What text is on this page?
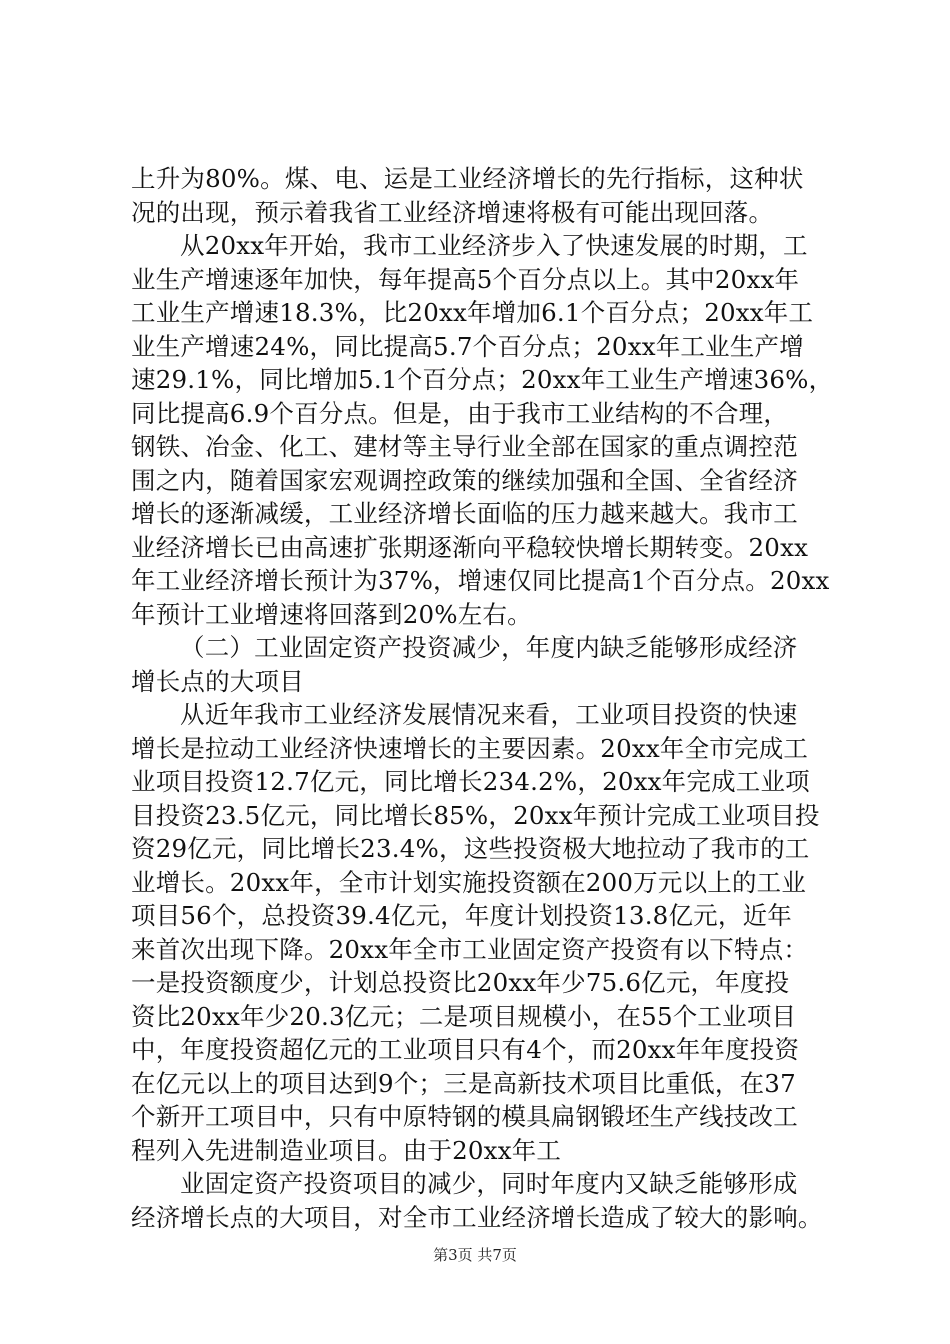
上升为80%。煤、电、运是工业经济增长的先行指标，这种状
况的出现，预示着我省工业经济增速将极有可能出现回落。
从20xx年开始，我市工业经济步入了快速发展的时期，工
业生产增速逐年加快，每年提高5个百分点以上。其中20xx年
工业生产增速18.3%，比20xx年增加6.1个百分点；20xx年工
业生产增速24%，同比提高5.7个百分点；20xx年工业生产增
速29.1%，同比增加5.1个百分点；20xx年工业生产增速36%，
同比提高6.9个百分点。但是，由于我市工业结构的不合理，
钢铁、冶金、化工、建材等主导行业全部在国家的重点调控范
围之内，随着国家宏观调控政策的继续加强和全国、全省经济
增长的逐渐减缓，工业经济增长面临的压力越来越大。我市工
业经济增长已由高速扩张期逐渐向平稳较快增长期转变。20xx
年工业经济增长预计为37%，增速仅同比提高1个百分点。20xx
年预计工业增速将回落到20%左右。
（二）工业固定资产投资减少，年度内缺乏能够形成经济
增长点的大项目
从近年我市工业经济发展情况来看，工业项目投资的快速
增长是拉动工业经济快速增长的主要因素。20xx年全市完成工
业项目投资12.7亿元，同比增长234.2%，20xx年完成工业项
目投资23.5亿元，同比增长85%，20xx年预计完成工业项目投
资29亿元，同比增长23.4%，这些投资极大地拉动了我市的工
业增长。20xx年，全市计划实施投资额在200万元以上的工业
项目56个，总投资39.4亿元，年度计划投资13.8亿元，近年
来首次出现下降。20xx年全市工业固定资产投资有以下特点：
一是投资额度少，计划总投资比20xx年少75.6亿元，年度投
资比20xx年少20.3亿元；二是项目规模小，在55个工业项目
中，年度投资超亿元的工业项目只有4个，而20xx年年度投资
在亿元以上的项目达到9个；三是高新技术项目比重低，在37
个新开工项目中，只有中原特钢的模具扁钢锻坯生产线技改工
程列入先进制造业项目。由于20xx年工
业固定资产投资项目的减少，同时年度内又缺乏能够形成
经济增长点的大项目，对全市工业经济增长造成了较大的影响。
第3页 共7页
